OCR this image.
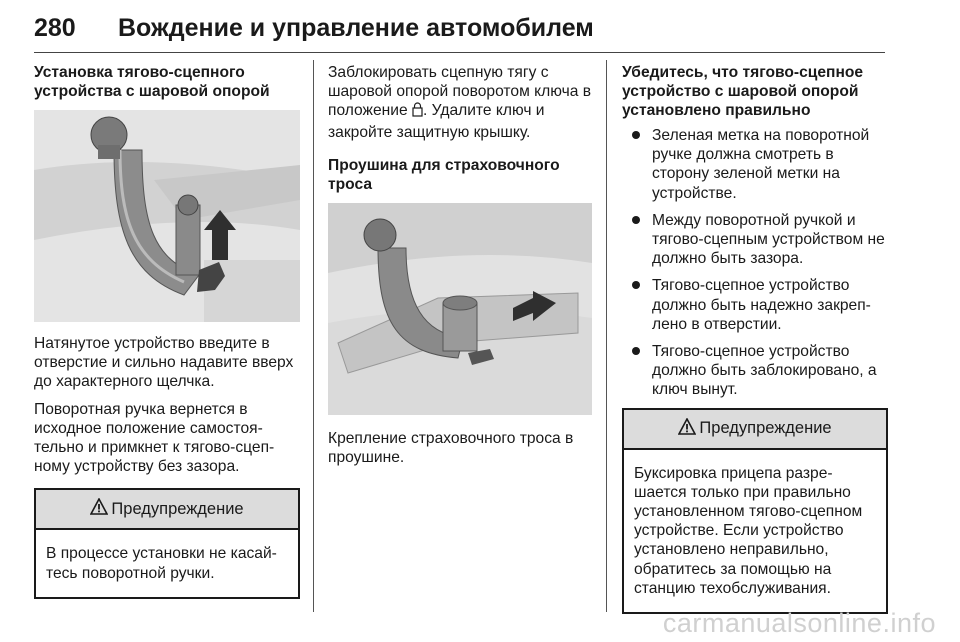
280 Вождение и управление автомобилем
Установка тягово-сцепного устройства с шаровой опорой

Натянутое устройство введите в отверстие и сильно надавите вверх до характерного щелчка.

Поворотная ручка вернется в исходное положение самостоя-тельно и примкнет к тягово-сцеп-ному устройству без зазора.

Предупреждение
В процессе установки не касай-тесь поворотной ручки.

Заблокировать сцепную тягу с шаровой опорой поворотом ключа в положение . Удалите ключ и закройте защитную крышку.

Проушина для страховочного троса

Крепление страховочного троса в проушине.

Убедитесь, что тягово-сцепное устройство с шаровой опорой установлено правильно
Зеленая метка на поворотной ручке должна смотреть в сторону зеленой метки на устройстве.
Между поворотной ручкой и тягово-сцепным устройством не должно быть зазора.
Тягово-сцепное устройство должно быть надежно закреп-лено в отверстии.
Тягово-сцепное устройство должно быть заблокировано, а ключ вынут.
Предупреждение
Буксировка прицепа разре-шается только при правильно установленном тягово-сцепном устройстве. Если устройство установлено неправильно, обратитесь за помощью на станцию техобслуживания.
carmanualsonline.info
